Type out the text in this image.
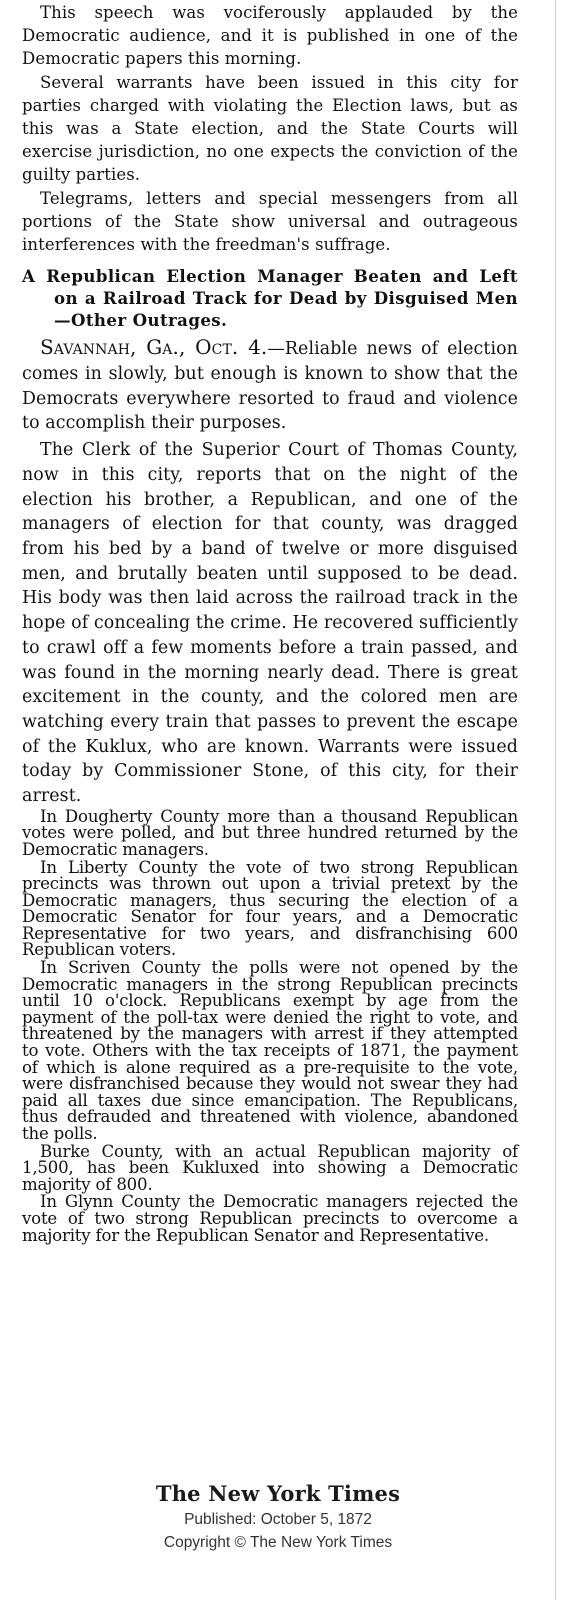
This speech was vociferously applauded by the Democratic audience, and it is published in one of the Democratic papers this morning.

Several warrants have been issued in this city for parties charged with violating the Election laws, but as this was a State election, and the State Courts will exercise jurisdiction, no one expects the conviction of the guilty parties.

Telegrams, letters and special messengers from all portions of the State show universal and outrageous interferences with the freedman's suffrage.

A Republican Election Manager Beaten and Left on a Railroad Track for Dead by Disguised Men—Other Outrages.

Savannah, Ga., Oct. 4.—Reliable news of election comes in slowly, but enough is known to show that the Democrats everywhere resorted to fraud and violence to accomplish their purposes.

The Clerk of the Superior Court of Thomas County, now in this city, reports that on the night of the election his brother, a Republican, and one of the managers of election for that county, was dragged from his bed by a band of twelve or more disguised men, and brutally beaten until supposed to be dead. His body was then laid across the railroad track in the hope of concealing the crime. He recovered sufficiently to crawl off a few moments before a train passed, and was found in the morning nearly dead. There is great excitement in the county, and the colored men are watching every train that passes to prevent the escape of the Kuklux, who are known. Warrants were issued today by Commissioner Stone, of this city, for their arrest.

In Dougherty County more than a thousand Republican votes were polled, and but three hundred returned by the Democratic managers.

In Liberty County the vote of two strong Republican precincts was thrown out upon a trivial pretext by the Democratic managers, thus securing the election of a Democratic Senator for four years, and a Democratic Representative for two years, and disfranchising 600 Republican voters.

In Scriven County the polls were not opened by the Democratic managers in the strong Republican precincts until 10 o'clock. Republicans exempt by age from the payment of the poll-tax were denied the right to vote, and threatened by the managers with arrest if they attempted to vote. Others with the tax receipts of 1871, the payment of which is alone required as a pre-requisite to the vote, were disfranchised because they would not swear they had paid all taxes due since emancipation. The Republicans, thus defrauded and threatened with violence, abandoned the polls.

Burke County, with an actual Republican majority of 1,500, has been Kukluxed into showing a Democratic majority of 800.

In Glynn County the Democratic managers rejected the vote of two strong Republican precincts to overcome a majority for the Republican Senator and Representative.

The New York Times
Published: October 5, 1872
Copyright © The New York Times
